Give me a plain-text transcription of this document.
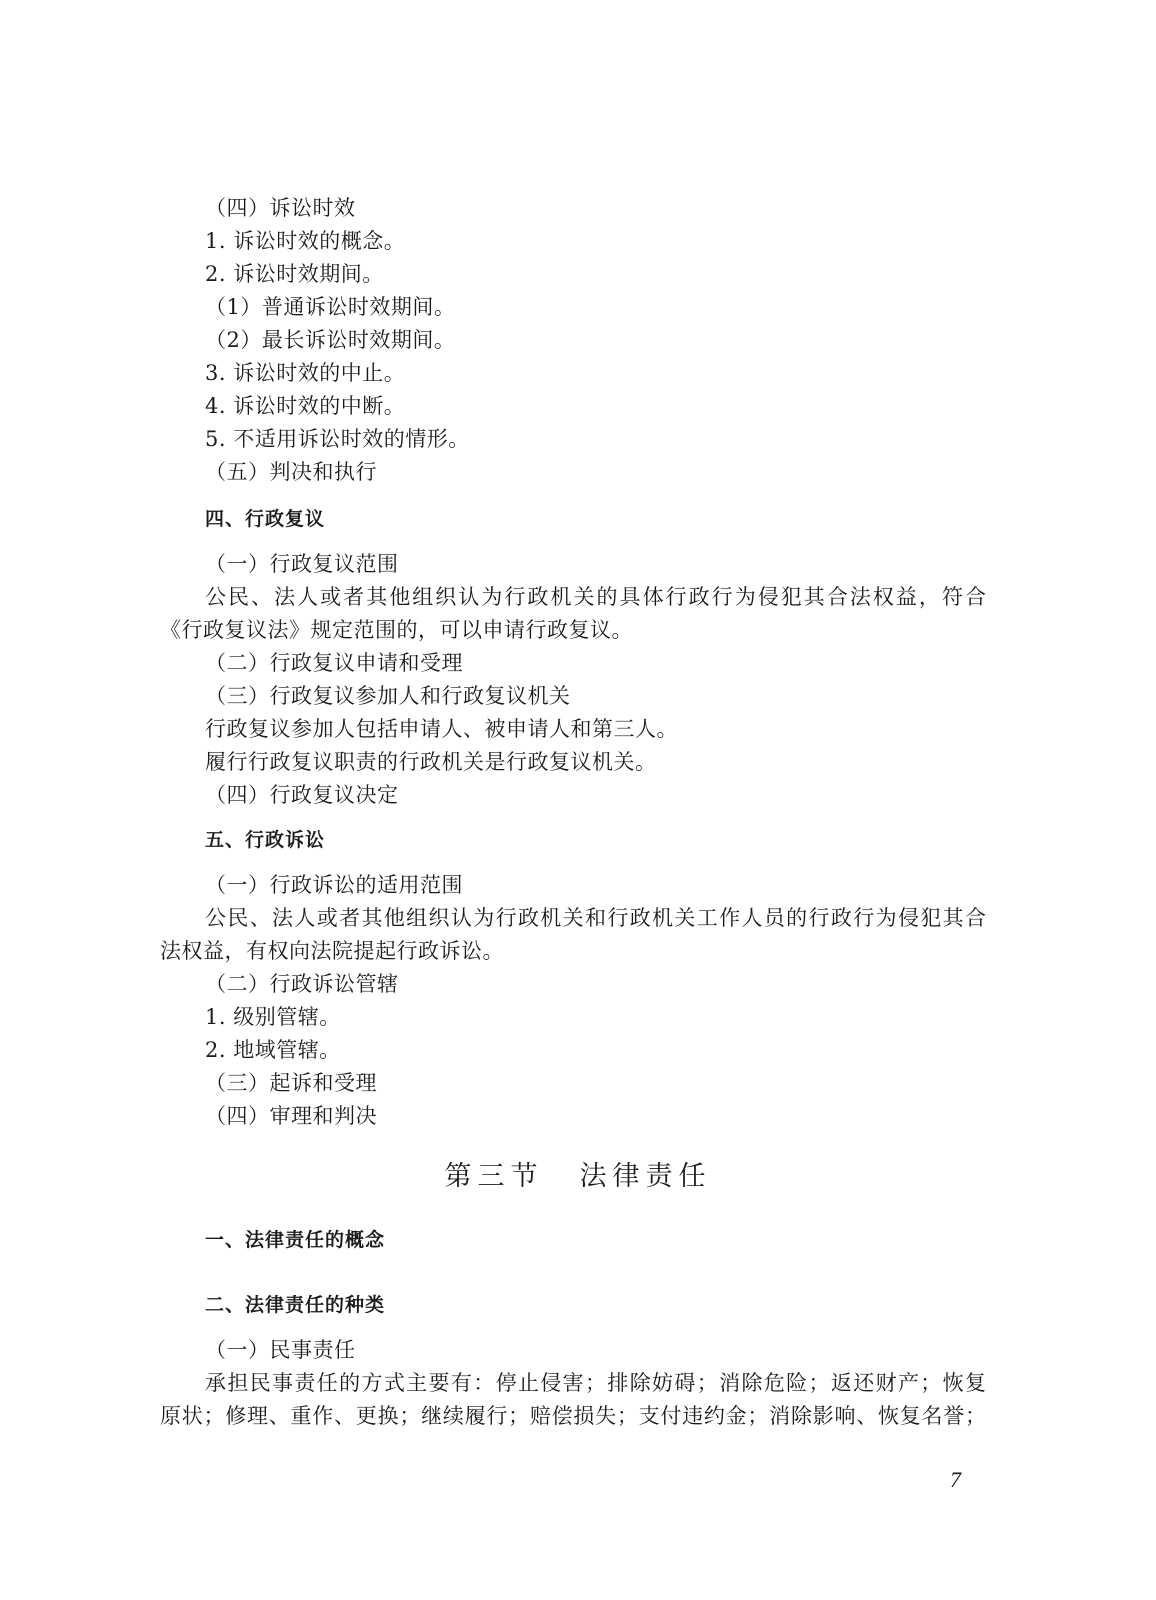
（四）诉讼时效
1. 诉讼时效的概念。
2. 诉讼时效期间。
（1）普通诉讼时效期间。
（2）最长诉讼时效期间。
3. 诉讼时效的中止。
4. 诉讼时效的中断。
5. 不适用诉讼时效的情形。
（五）判决和执行
四、行政复议
（一）行政复议范围
公民、法人或者其他组织认为行政机关的具体行政行为侵犯其合法权益，符合
《行政复议法》规定范围的，可以申请行政复议。
（二）行政复议申请和受理
（三）行政复议参加人和行政复议机关
行政复议参加人包括申请人、被申请人和第三人。
履行行政复议职责的行政机关是行政复议机关。
（四）行政复议决定
五、行政诉讼
（一）行政诉讼的适用范围
公民、法人或者其他组织认为行政机关和行政机关工作人员的行政行为侵犯其合
法权益，有权向法院提起行政诉讼。
（二）行政诉讼管辖
1. 级别管辖。
2. 地域管辖。
（三）起诉和受理
（四）审理和判决
第三节 法律责任
一、法律责任的概念
二、法律责任的种类
（一）民事责任
承担民事责任的方式主要有：停止侵害；排除妨碍；消除危险；返还财产；恢复
原状；修理、重作、更换；继续履行；赔偿损失；支付违约金；消除影响、恢复名誉；
7
